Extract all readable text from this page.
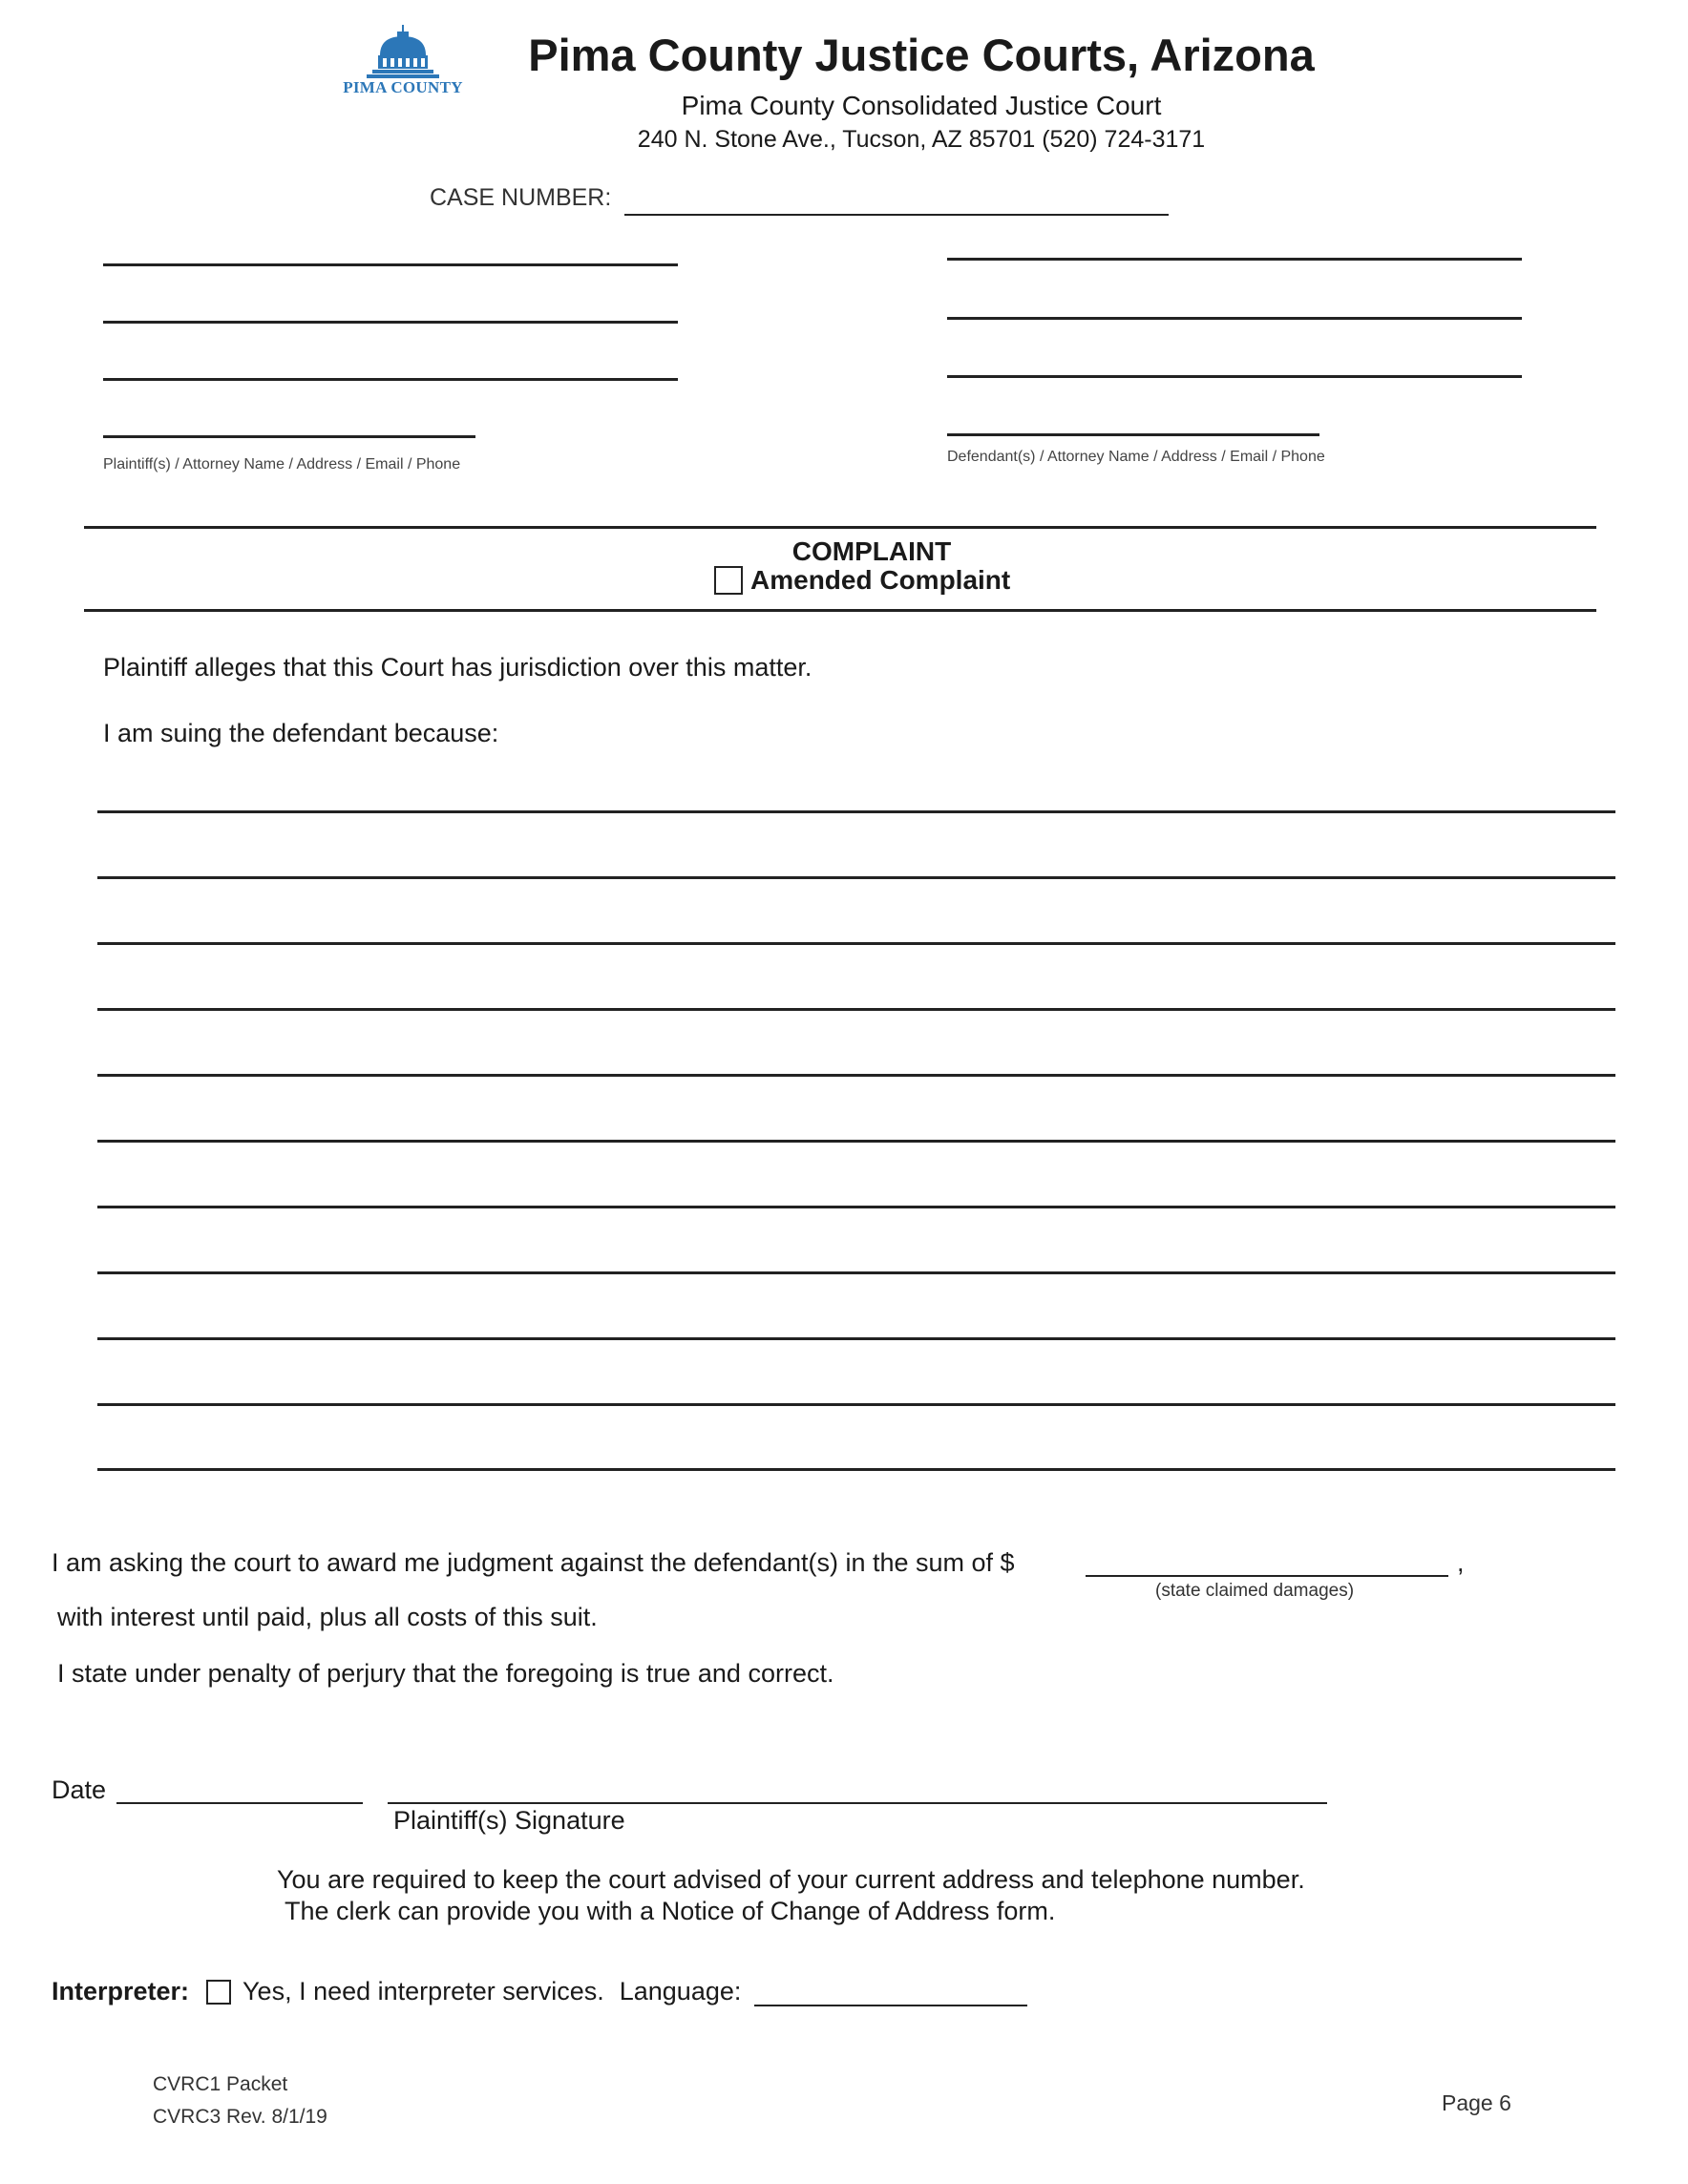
PIMA COUNTY
Pima County Justice Courts, Arizona
Pima County Consolidated Justice Court
240 N. Stone Ave., Tucson, AZ 85701 (520) 724-3171
CASE NUMBER:
Plaintiff(s) / Attorney Name / Address / Email / Phone	Defendant(s) / Attorney Name / Address / Email / Phone
COMPLAINT
Amended Complaint
Plaintiff alleges that this Court has jurisdiction over this matter.
I am suing the defendant because:
I am asking the court to award me judgment against the defendant(s) in the sum of $	,
(state claimed damages)
with interest until paid, plus all costs of this suit.
I state under penalty of perjury that the foregoing is true and correct.
Date
Plaintiff(s) Signature
You are required to keep the court advised of your current address and telephone number.
The clerk can provide you with a Notice of Change of Address form.
Interpreter: Yes, I need interpreter services. Language:
CVRC1 Packet
CVRC3 Rev. 8/1/19
Page 6
